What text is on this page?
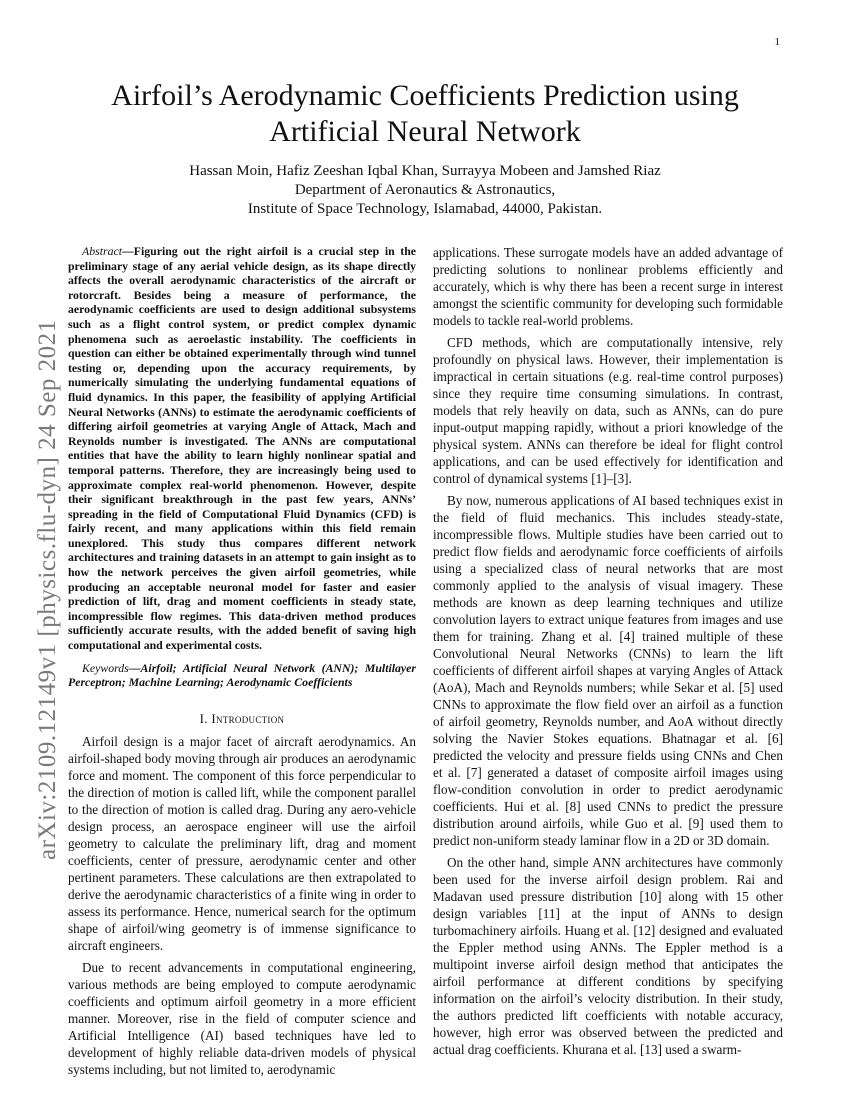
1
arXiv:2109.12149v1 [physics.flu-dyn] 24 Sep 2021
Airfoil’s Aerodynamic Coefficients Prediction using
Artificial Neural Network
Hassan Moin, Hafiz Zeeshan Iqbal Khan, Surrayya Mobeen and Jamshed Riaz
Department of Aeronautics & Astronautics,
Institute of Space Technology, Islamabad, 44000, Pakistan.

Abstract—Figuring out the right airfoil is a crucial step in the preliminary stage of any aerial vehicle design, as its shape directly affects the overall aerodynamic characteristics of the aircraft or rotorcraft. Besides being a measure of performance, the aerodynamic coefficients are used to design additional subsystems such as a flight control system, or predict complex dynamic phenomena such as aeroelastic instability. The coefficients in question can either be obtained experimentally through wind tunnel testing or, depending upon the accuracy requirements, by numerically simulating the underlying fundamental equations of fluid dynamics. In this paper, the feasibility of applying Artificial Neural Networks (ANNs) to estimate the aerodynamic coefficients of differing airfoil geometries at varying Angle of Attack, Mach and Reynolds number is investigated. The ANNs are computational entities that have the ability to learn highly nonlinear spatial and temporal patterns. Therefore, they are increasingly being used to approximate complex real-world phenomenon. However, despite their significant breakthrough in the past few years, ANNs’ spreading in the field of Computational Fluid Dynamics (CFD) is fairly recent, and many applications within this field remain unexplored. This study thus compares different network architectures and training datasets in an attempt to gain insight as to how the network perceives the given airfoil geometries, while producing an acceptable neuronal model for faster and easier prediction of lift, drag and moment coefficients in steady state, incompressible flow regimes. This data-driven method produces sufficiently accurate results, with the added benefit of saving high computational and experimental costs.

Keywords—Airfoil; Artificial Neural Network (ANN); Multilayer Perceptron; Machine Learning; Aerodynamic Coefficients

I. Introduction

Airfoil design is a major facet of aircraft aerodynamics. An airfoil-shaped body moving through air produces an aerodynamic force and moment. The component of this force perpendicular to the direction of motion is called lift, while the component parallel to the direction of motion is called drag. During any aero-vehicle design process, an aerospace engineer will use the airfoil geometry to calculate the preliminary lift, drag and moment coefficients, center of pressure, aerodynamic center and other pertinent parameters. These calculations are then extrapolated to derive the aerodynamic characteristics of a finite wing in order to assess its performance. Hence, numerical search for the optimum shape of airfoil/wing geometry is of immense significance to aircraft engineers.

Due to recent advancements in computational engineering, various methods are being employed to compute aerodynamic coefficients and optimum airfoil geometry in a more efficient manner. Moreover, rise in the field of computer science and Artificial Intelligence (AI) based techniques have led to development of highly reliable data-driven models of physical systems including, but not limited to, aerodynamic

applications. These surrogate models have an added advantage of predicting solutions to nonlinear problems efficiently and accurately, which is why there has been a recent surge in interest amongst the scientific community for developing such formidable models to tackle real-world problems.

CFD methods, which are computationally intensive, rely profoundly on physical laws. However, their implementation is impractical in certain situations (e.g. real-time control purposes) since they require time consuming simulations. In contrast, models that rely heavily on data, such as ANNs, can do pure input-output mapping rapidly, without a priori knowledge of the physical system. ANNs can therefore be ideal for flight control applications, and can be used effectively for identification and control of dynamical systems [1]–[3].

By now, numerous applications of AI based techniques exist in the field of fluid mechanics. This includes steady-state, incompressible flows. Multiple studies have been carried out to predict flow fields and aerodynamic force coefficients of airfoils using a specialized class of neural networks that are most commonly applied to the analysis of visual imagery. These methods are known as deep learning techniques and utilize convolution layers to extract unique features from images and use them for training. Zhang et al. [4] trained multiple of these Convolutional Neural Networks (CNNs) to learn the lift coefficients of different airfoil shapes at varying Angles of Attack (AoA), Mach and Reynolds numbers; while Sekar et al. [5] used CNNs to approximate the flow field over an airfoil as a function of airfoil geometry, Reynolds number, and AoA without directly solving the Navier Stokes equations. Bhatnagar et al. [6] predicted the velocity and pressure fields using CNNs and Chen et al. [7] generated a dataset of composite airfoil images using flow-condition convolution in order to predict aerodynamic coefficients. Hui et al. [8] used CNNs to predict the pressure distribution around airfoils, while Guo et al. [9] used them to predict non-uniform steady laminar flow in a 2D or 3D domain.

On the other hand, simple ANN architectures have commonly been used for the inverse airfoil design problem. Rai and Madavan used pressure distribution [10] along with 15 other design variables [11] at the input of ANNs to design turbomachinery airfoils. Huang et al. [12] designed and evaluated the Eppler method using ANNs. The Eppler method is a multipoint inverse airfoil design method that anticipates the airfoil performance at different conditions by specifying information on the airfoil’s velocity distribution. In their study, the authors predicted lift coefficients with notable accuracy, however, high error was observed between the predicted and actual drag coefficients. Khurana et al. [13] used a swarm-
